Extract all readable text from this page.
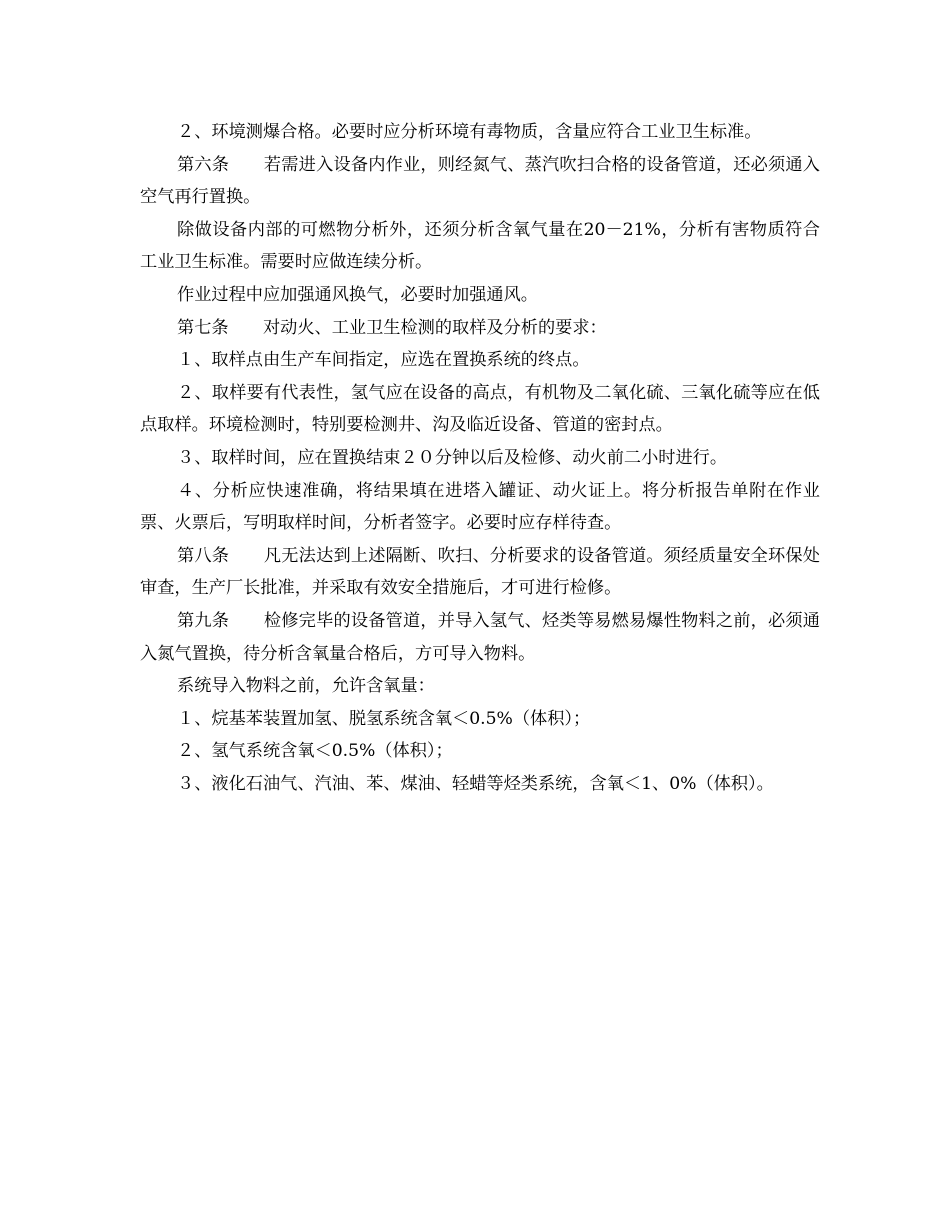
２、环境测爆合格。必要时应分析环境有毒物质，含量应符合工业卫生标准。

第六条　　若需进入设备内作业，则经氮气、蒸汽吹扫合格的设备管道，还必须通入空气再行置换。

除做设备内部的可燃物分析外，还须分析含氧气量在20－21%，分析有害物质符合工业卫生标准。需要时应做连续分析。

作业过程中应加强通风换气，必要时加强通风。

第七条　　对动火、工业卫生检测的取样及分析的要求：

１、取样点由生产车间指定，应选在置换系统的终点。

２、取样要有代表性，氢气应在设备的高点，有机物及二氧化硫、三氧化硫等应在低点取样。环境检测时，特别要检测井、沟及临近设备、管道的密封点。

３、取样时间，应在置换结束２０分钟以后及检修、动火前二小时进行。

４、分析应快速准确，将结果填在进塔入罐证、动火证上。将分析报告单附在作业票、火票后，写明取样时间，分析者签字。必要时应存样待查。

第八条　　凡无法达到上述隔断、吹扫、分析要求的设备管道。须经质量安全环保处审查，生产厂长批准，并采取有效安全措施后，才可进行检修。

第九条　　检修完毕的设备管道，并导入氢气、烃类等易燃易爆性物料之前，必须通入氮气置换，待分析含氧量合格后，方可导入物料。

系统导入物料之前，允许含氧量：

１、烷基苯装置加氢、脱氢系统含氧＜0.5%（体积）；

２、氢气系统含氧＜0.5%（体积）；

３、液化石油气、汽油、苯、煤油、轻蜡等烃类系统，含氧＜1、0%（体积）。
